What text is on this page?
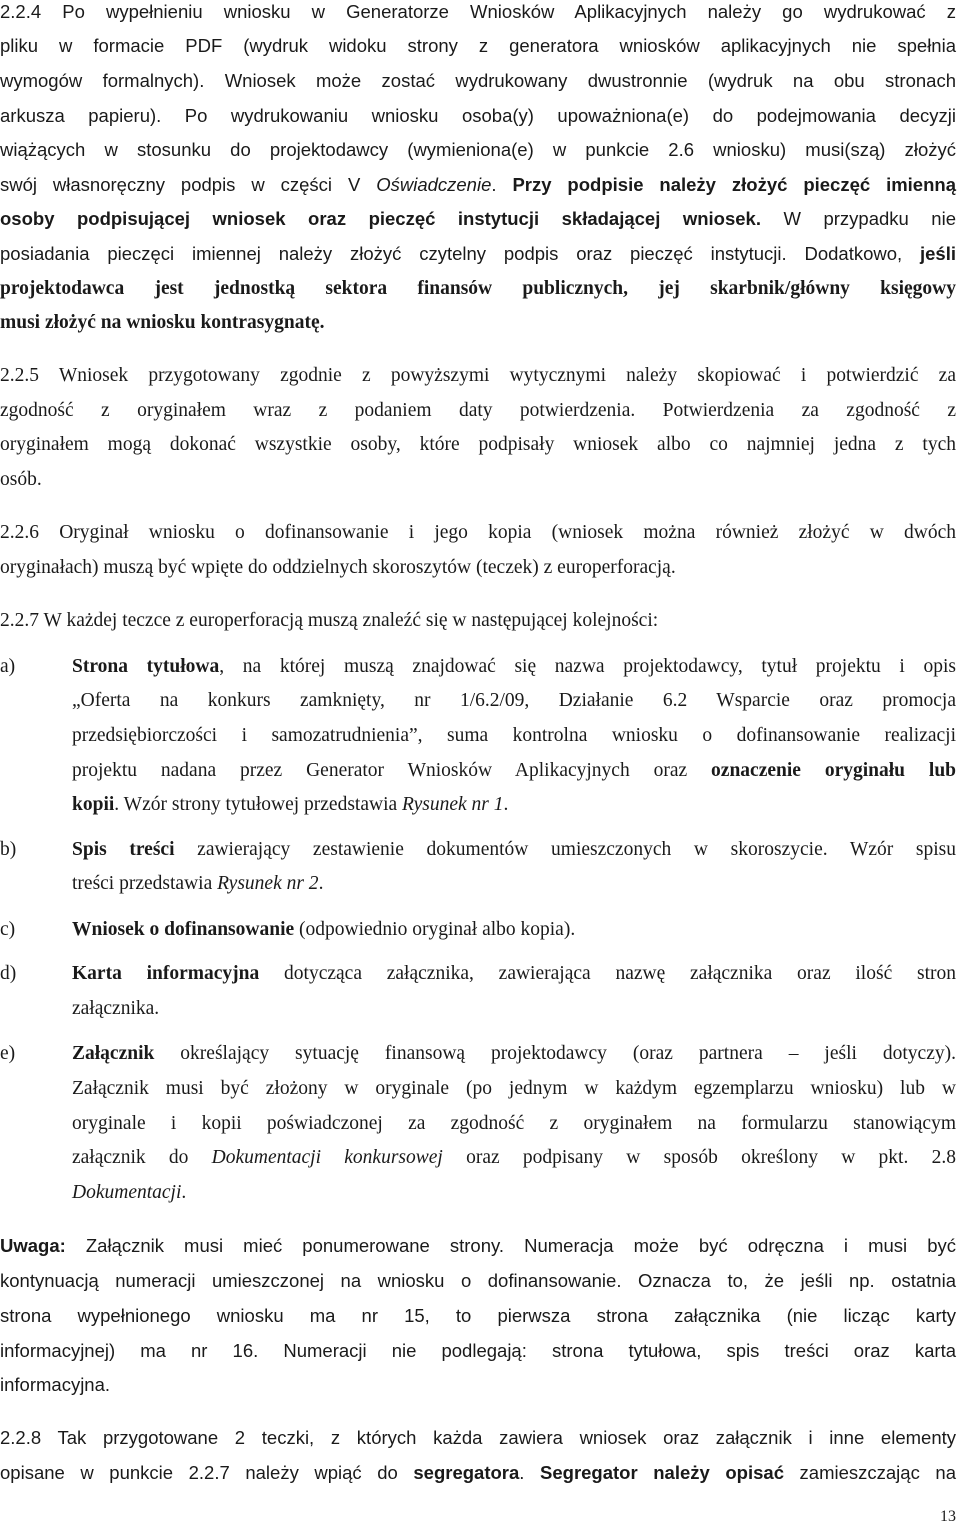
2.2.4 Po wypełnieniu wniosku w Generatorze Wniosków Aplikacyjnych należy go wydrukować z
pliku w formacie PDF (wydruk widoku strony z generatora wniosków aplikacyjnych nie spełnia
wymogów formalnych). Wniosek może zostać wydrukowany dwustronnie (wydruk na obu stronach
arkusza papieru). Po wydrukowaniu wniosku osoba(y) upoważniona(e) do podejmowania decyzji
wiążących w stosunku do projektodawcy (wymieniona(e) w punkcie 2.6 wniosku) musi(szą) złożyć
swój własnoręczny podpis w części V Oświadczenie. Przy podpisie należy złożyć pieczęć imienną
osoby podpisującej wniosek oraz pieczęć instytucji składającej wniosek. W przypadku nie
posiadania pieczęci imiennej należy złożyć czytelny podpis oraz pieczęć instytucji. Dodatkowo, jeśli
projektodawca jest jednostką sektora finansów publicznych, jej skarbnik/główny księgowy
musi złożyć na wniosku kontrasygnatę.
2.2.5 Wniosek przygotowany zgodnie z powyższymi wytycznymi należy skopiować i potwierdzić za
zgodność z oryginałem wraz z podaniem daty potwierdzenia. Potwierdzenia za zgodność z
oryginałem mogą dokonać wszystkie osoby, które podpisały wniosek albo co najmniej jedna z tych
osób.
2.2.6 Oryginał wniosku o dofinansowanie i jego kopia (wniosek można również złożyć w dwóch
oryginałach) muszą być wpięte do oddzielnych skoroszytów (teczek) z europerforacją.
2.2.7 W każdej teczce z europerforacją muszą znaleźć się w następującej kolejności:
a)	Strona tytułowa, na której muszą znajdować się nazwa projektodawcy, tytuł projektu i opis
„Oferta na konkurs zamknięty, nr 1/6.2/09, Działanie 6.2 Wsparcie oraz promocja
przedsiębiorczości i samozatrudnienia”, suma kontrolna wniosku o dofinansowanie realizacji
projektu nadana przez Generator Wniosków Aplikacyjnych oraz oznaczenie oryginału lub
kopii. Wzór strony tytułowej przedstawia Rysunek nr 1.
b)	Spis treści zawierający zestawienie dokumentów umieszczonych w skoroszycie. Wzór spisu
treści przedstawia Rysunek nr 2.
c)	Wniosek o dofinansowanie (odpowiednio oryginał albo kopia).
d)	Karta informacyjna dotycząca załącznika, zawierająca nazwę załącznika oraz ilość stron
załącznika.
e)	Załącznik określający sytuację finansową projektodawcy (oraz partnera – jeśli dotyczy).
Załącznik musi być złożony w oryginale (po jednym w każdym egzemplarzu wniosku) lub w
oryginale i kopii poświadczonej za zgodność z oryginałem na formularzu stanowiącym
załącznik do Dokumentacji konkursowej oraz podpisany w sposób określony w pkt. 2.8
Dokumentacji.
Uwaga: Załącznik musi mieć ponumerowane strony. Numeracja może być odręczna i musi być
kontynuacją numeracji umieszczonej na wniosku o dofinansowanie. Oznacza to, że jeśli np. ostatnia
strona wypełnionego wniosku ma nr 15, to pierwsza strona załącznika (nie licząc karty
informacyjnej) ma nr 16. Numeracji nie podlegają: strona tytułowa, spis treści oraz karta
informacyjna.
2.2.8 Tak przygotowane 2 teczki, z których każda zawiera wniosek oraz załącznik i inne elementy
opisane w punkcie 2.2.7 należy wpiąć do segregatora. Segregator należy opisać zamieszczając na
13
